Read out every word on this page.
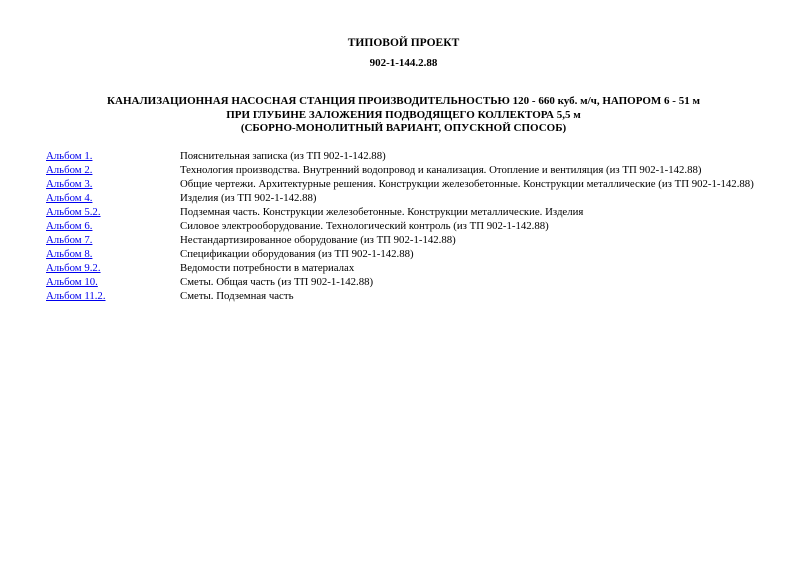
ТИПОВОЙ ПРОЕКТ
902-1-144.2.88
КАНАЛИЗАЦИОННАЯ НАСОСНАЯ СТАНЦИЯ ПРОИЗВОДИТЕЛЬНОСТЬЮ 120 - 660 куб. м/ч, НАПОРОМ 6 - 51 м
ПРИ ГЛУБИНЕ ЗАЛОЖЕНИЯ ПОДВОДЯЩЕГО КОЛЛЕКТОРА 5,5 м
(СБОРНО-МОНОЛИТНЫЙ ВАРИАНТ, ОПУСКНОЙ СПОСОБ)
Альбом 1.	Пояснительная записка (из ТП 902-1-142.88)
Альбом 2.	Технология производства. Внутренний водопровод и канализация. Отопление и вентиляция (из ТП 902-1-142.88)
Альбом 3.	Общие чертежи. Архитектурные решения. Конструкции железобетонные. Конструкции металлические (из ТП 902-1-142.88)
Альбом 4.	Изделия (из ТП 902-1-142.88)
Альбом 5.2.	Подземная часть. Конструкции железобетонные. Конструкции металлические. Изделия
Альбом 6.	Силовое электрооборудование. Технологический контроль (из ТП 902-1-142.88)
Альбом 7.	Нестандартизированное оборудование (из ТП 902-1-142.88)
Альбом 8.	Спецификации оборудования (из ТП 902-1-142.88)
Альбом 9.2.	Ведомости потребности в материалах
Альбом 10.	Сметы. Общая часть (из ТП 902-1-142.88)
Альбом 11.2.	Сметы. Подземная часть
